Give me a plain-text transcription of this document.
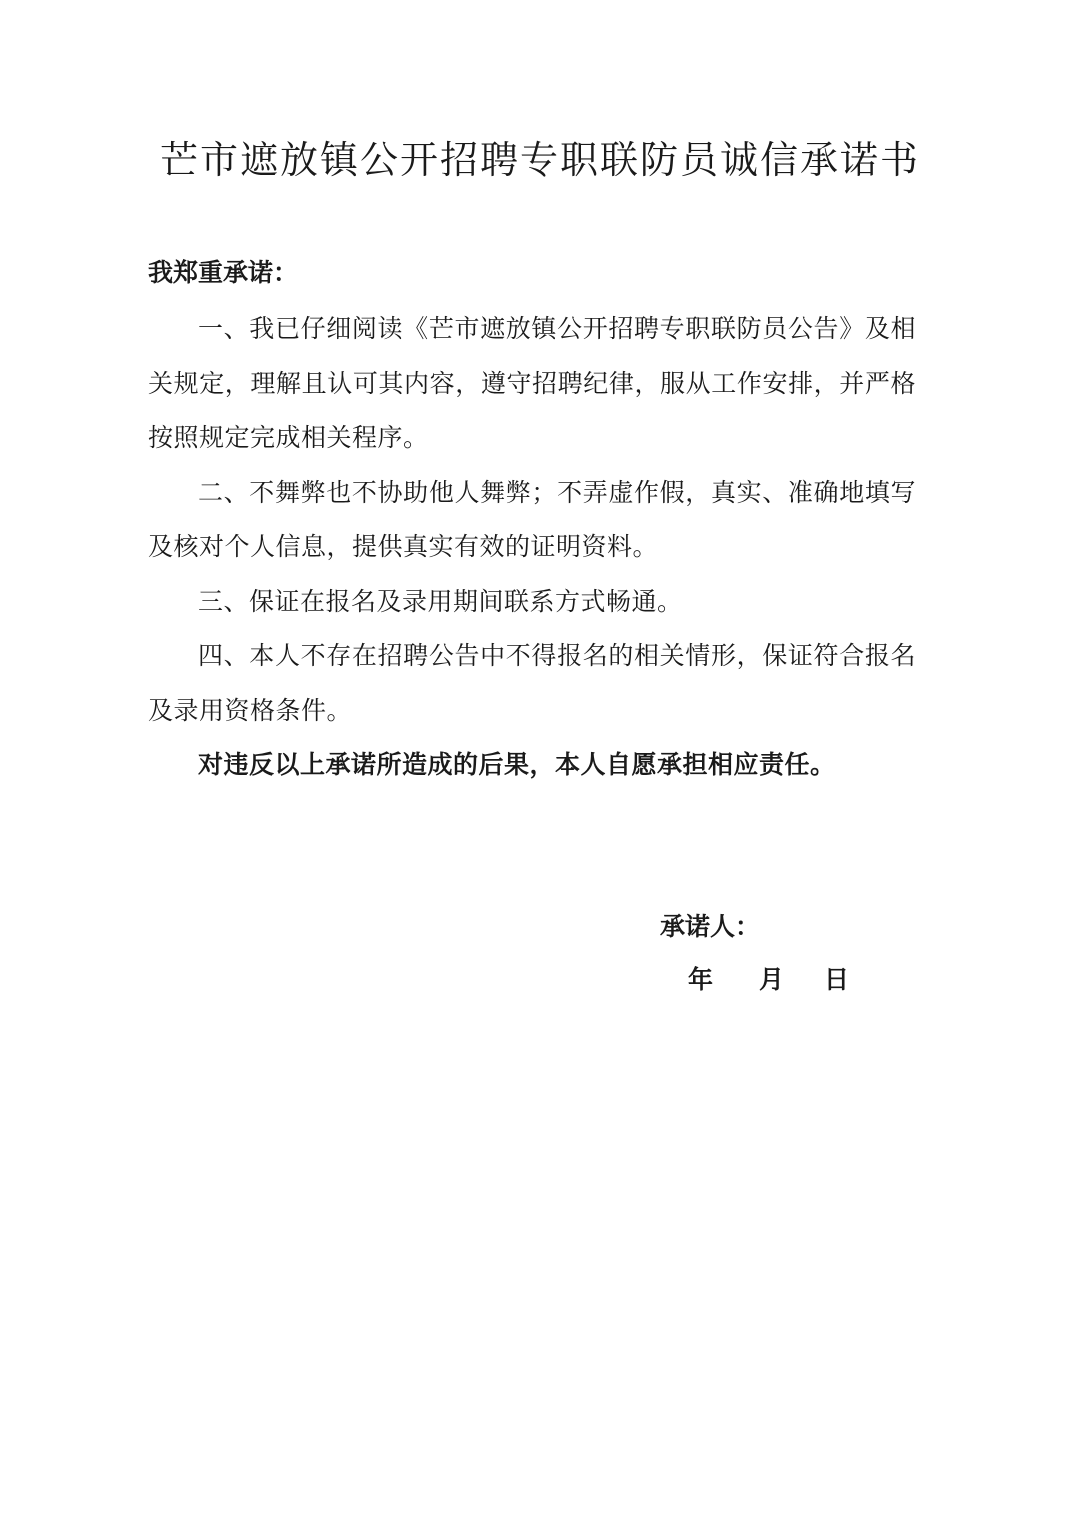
芒市遮放镇公开招聘专职联防员诚信承诺书
我郑重承诺：

一、我已仔细阅读《芒市遮放镇公开招聘专职联防员公告》及相关规定，理解且认可其内容，遵守招聘纪律，服从工作安排，并严格按照规定完成相关程序。

二、不舞弊也不协助他人舞弊；不弄虚作假，真实、准确地填写及核对个人信息，提供真实有效的证明资料。

三、保证在报名及录用期间联系方式畅通。

四、本人不存在招聘公告中不得报名的相关情形，保证符合报名及录用资格条件。

对违反以上承诺所造成的后果，本人自愿承担相应责任。

承诺人：
年 月 日
